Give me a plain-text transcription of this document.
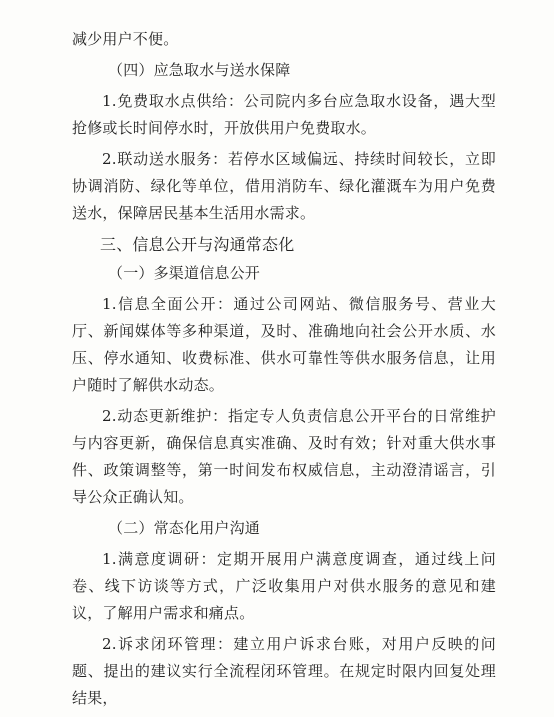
减少用户不便。

（四）应急取水与送水保障

1.免费取水点供给：公司院内多台应急取水设备，遇大型抢修或长时间停水时，开放供用户免费取水。

2.联动送水服务：若停水区域偏远、持续时间较长，立即协调消防、绿化等单位，借用消防车、绿化灌溉车为用户免费送水，保障居民基本生活用水需求。

三、信息公开与沟通常态化

（一）多渠道信息公开

1.信息全面公开：通过公司网站、微信服务号、营业大厅、新闻媒体等多种渠道，及时、准确地向社会公开水质、水压、停水通知、收费标准、供水可靠性等供水服务信息，让用户随时了解供水动态。

2.动态更新维护：指定专人负责信息公开平台的日常维护与内容更新，确保信息真实准确、及时有效；针对重大供水事件、政策调整等，第一时间发布权威信息，主动澄清谣言，引导公众正确认知。

（二）常态化用户沟通

1.满意度调研：定期开展用户满意度调查，通过线上问卷、线下访谈等方式，广泛收集用户对供水服务的意见和建议，了解用户需求和痛点。

2.诉求闭环管理：建立用户诉求台账，对用户反映的问题、提出的建议实行全流程闭环管理。在规定时限内回复处理结果，
